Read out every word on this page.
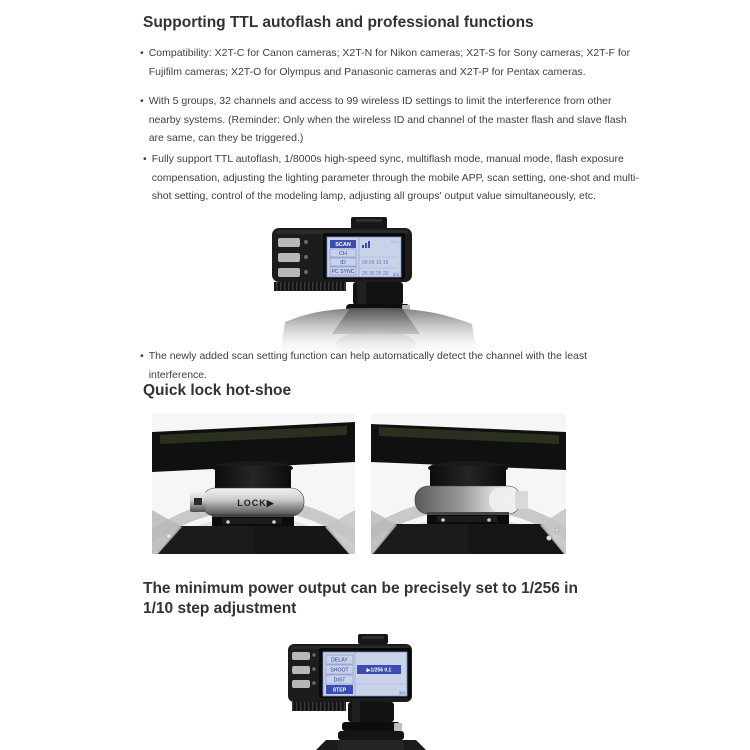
Supporting TTL autoflash and professional functions
• Compatibility: X2T-C for Canon cameras; X2T-N for Nikon cameras; X2T-S for Sony cameras; X2T-F for Fujifilm cameras; X2T-O for Olympus and Panasonic cameras and X2T-P for Pentax cameras.

• With 5 groups, 32 channels and access to 99 wireless ID settings to limit the interference from other nearby systems. (Reminder: Only when the wireless ID and channel of the master flash and slave flash are same, can they be triggered.)

• Fully support TTL autoflash, 1/8000s high-speed sync, multiflash mode, manual mode, flash exposure compensation, adjusting the lighting parameter through the mobile APP, scan setting, one-shot and multi-shot setting, control of the modeling lamp, adjusting all groups' output value simultaneously, etc.

SCAN
CH
ID
PC SYNC
00 05 10 15
25 30 35 20
V0.1
2/4
• The newly added scan setting function can help automatically detect the channel with the least interference.

Quick lock hot-shoe
LOCK▶
The minimum power output can be precisely set to 1/256 in 1/10 step adjustment
DELAY
SHOOT
DIST
STEP
▶1/256 0.1
3/4
